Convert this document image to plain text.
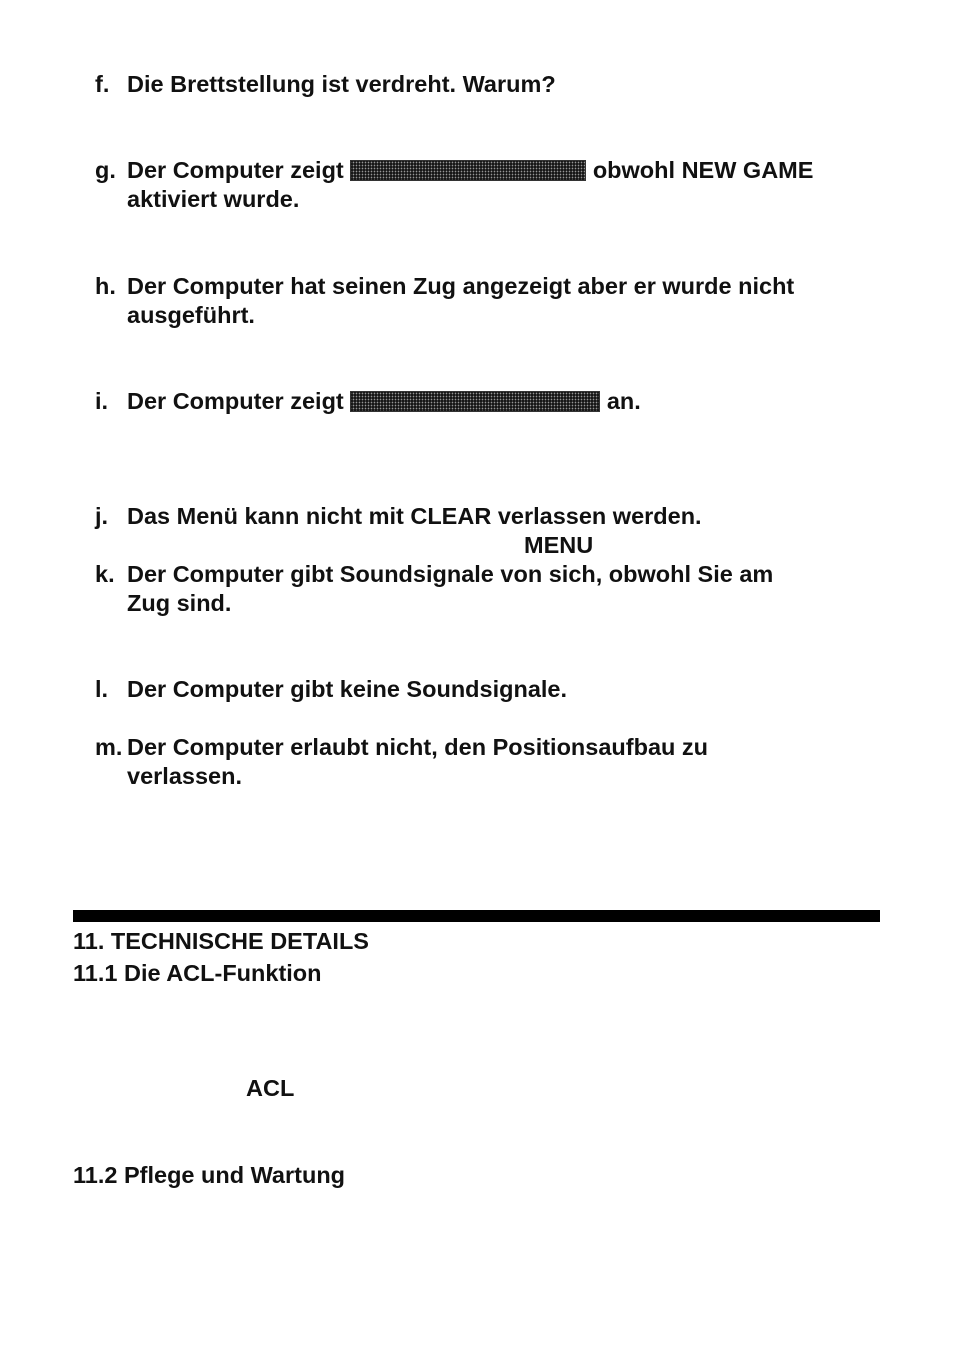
f. Die Brettstellung ist verdreht. Warum?
g. Der Computer zeigt	obwohl NEW GAME
aktiviert wurde.
h. Der Computer hat seinen Zug angezeigt aber er wurde nicht
ausgeführt.
i. Der Computer zeigt	an.
j. Das Menü kann nicht mit CLEAR verlassen werden.
MENU
k. Der Computer gibt Soundsignale von sich, obwohl Sie am
Zug sind.
l. Der Computer gibt keine Soundsignale.
m. Der Computer erlaubt nicht, den Positionsaufbau zu
verlassen.
11. TECHNISCHE DETAILS
11.1 Die ACL-Funktion
ACL
11.2 Pflege und Wartung
